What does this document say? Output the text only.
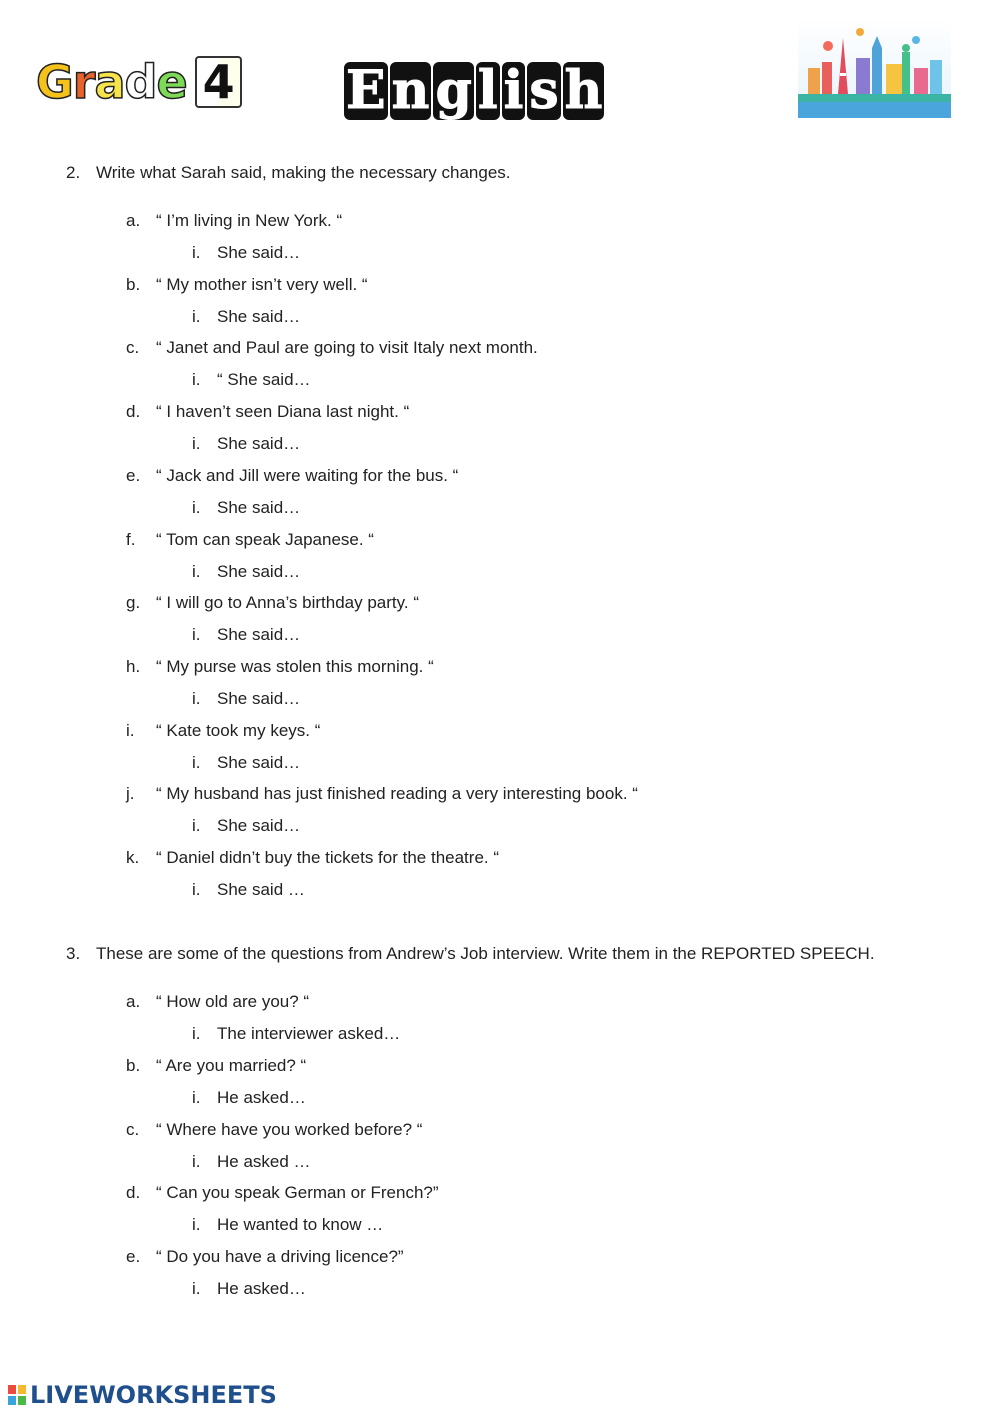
Grade 4 E n g l i s h
2. Write what Sarah said, making the necessary changes.
a. “ I’m living in New York. “
i. She said…
b. “ My mother isn’t very well. “
i. She said…
c. “ Janet and Paul are going to visit Italy next month.
i. “ She said…
d. “ I haven’t seen Diana last night. “
i. She said…
e. “ Jack and Jill were waiting for the bus. “
i. She said…
f. “ Tom can speak Japanese. “
i. She said…
g. “ I will go to Anna’s birthday party. “
i. She said…
h. “ My purse was stolen this morning. “
i. She said…
i. “ Kate took my keys. “
i. She said…
j. “ My husband has just finished reading a very interesting book. “
i. She said…
k. “ Daniel didn’t buy the tickets for the theatre. “
i. She said …
3. These are some of the questions from Andrew’s Job interview. Write them in the REPORTED SPEECH.
a. “ How old are you? “
i. The interviewer asked…
b. “ Are you married? “
i. He asked…
c. “ Where have you worked before? “
i. He asked …
d. “ Can you speak German or French?”
i. He wanted to know …
e. “ Do you have a driving licence?”
i. He asked…
LIVEWORKSHEETS
